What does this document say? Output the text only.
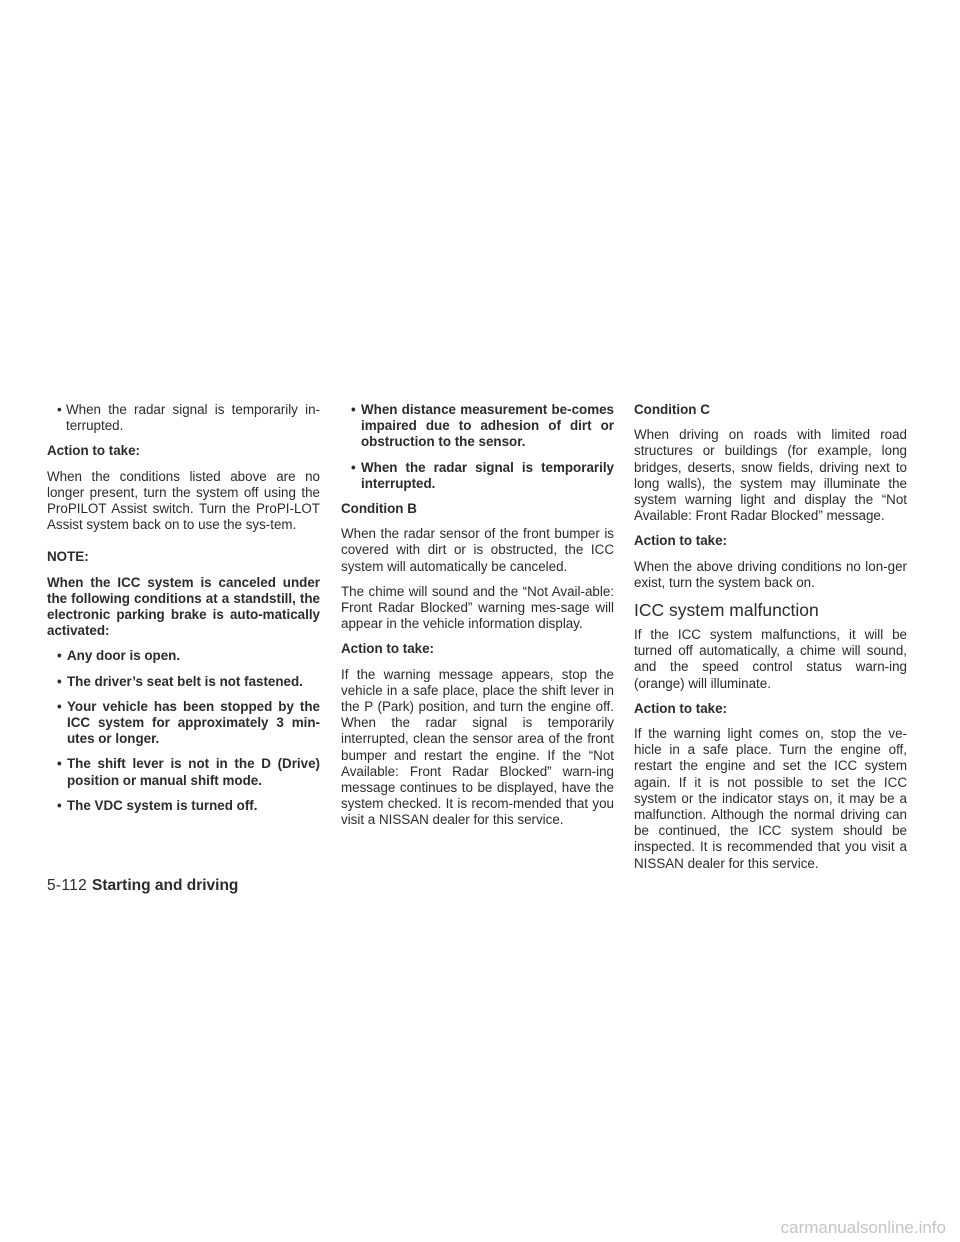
• When the radar signal is temporarily in-terrupted.

Action to take:

When the conditions listed above are no longer present, turn the system off using the ProPILOT Assist switch. Turn the ProPI-LOT Assist system back on to use the sys-tem.

NOTE:

When the ICC system is canceled under the following conditions at a standstill, the electronic parking brake is auto-matically activated:

• Any door is open.
• The driver’s seat belt is not fastened.
• Your vehicle has been stopped by the ICC system for approximately 3 min-utes or longer.
• The shift lever is not in the D (Drive) position or manual shift mode.
• The VDC system is turned off.
• When distance measurement be-comes impaired due to adhesion of dirt or obstruction to the sensor.
• When the radar signal is temporarily interrupted.

Condition B

When the radar sensor of the front bumper is covered with dirt or is obstructed, the ICC system will automatically be canceled.

The chime will sound and the “Not Avail-able: Front Radar Blocked” warning mes-sage will appear in the vehicle information display.

Action to take:

If the warning message appears, stop the vehicle in a safe place, place the shift lever in the P (Park) position, and turn the engine off. When the radar signal is temporarily interrupted, clean the sensor area of the front bumper and restart the engine. If the “Not Available: Front Radar Blocked” warn-ing message continues to be displayed, have the system checked. It is recom-mended that you visit a NISSAN dealer for this service.

Condition C

When driving on roads with limited road structures or buildings (for example, long bridges, deserts, snow fields, driving next to long walls), the system may illuminate the system warning light and display the “Not Available: Front Radar Blocked” message.

Action to take:

When the above driving conditions no lon-ger exist, turn the system back on.

ICC system malfunction

If the ICC system malfunctions, it will be turned off automatically, a chime will sound, and the speed control status warn-ing (orange) will illuminate.

Action to take:

If the warning light comes on, stop the ve-hicle in a safe place. Turn the engine off, restart the engine and set the ICC system again. If it is not possible to set the ICC system or the indicator stays on, it may be a malfunction. Although the normal driving can be continued, the ICC system should be inspected. It is recommended that you visit a NISSAN dealer for this service.

5-112 Starting and driving
carmanualsonline.info
